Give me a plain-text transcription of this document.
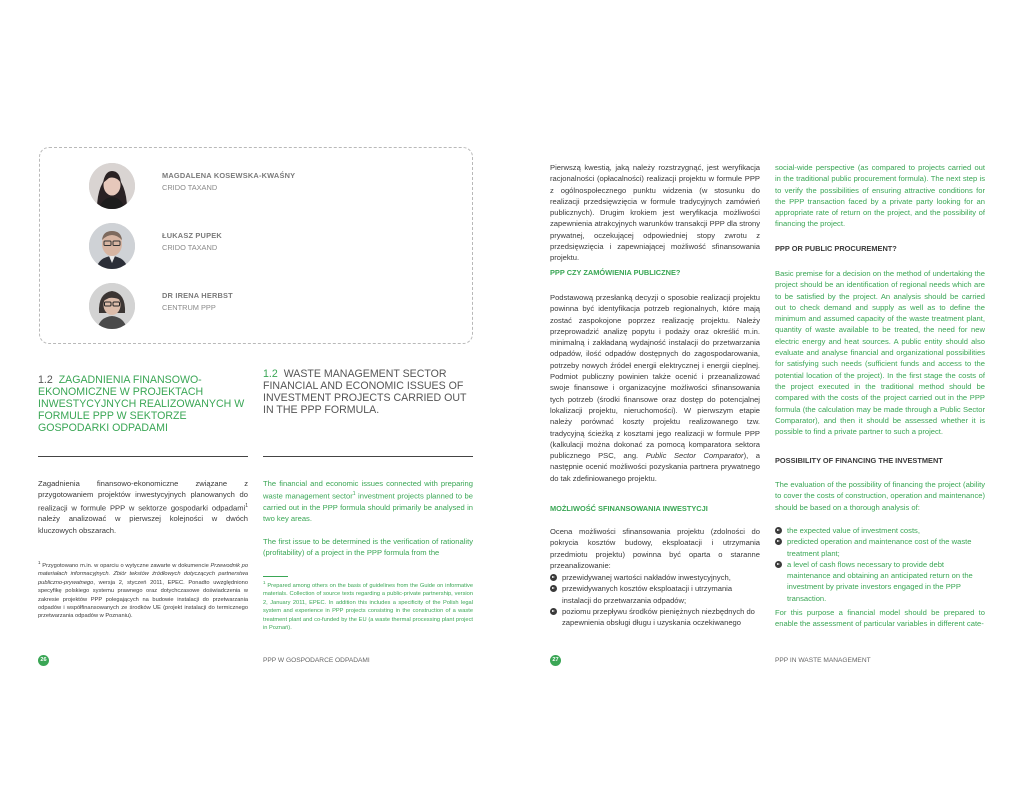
MAGDALENA KOSEWSKA-KWAŚNY
CRIDO TAXAND
ŁUKASZ PUPEK
CRIDO TAXAND
DR IRENA HERBST
CENTRUM PPP
1.2 ZAGADNIENIA FINANSOWO-EKONOMICZNE W PROJEKTACH INWESTYCYJNYCH REALIZOWANYCH W FORMULE PPP W SEKTORZE GOSPODARKI ODPADAMI
1.2 WASTE MANAGEMENT SECTOR FINANCIAL AND ECONOMIC ISSUES OF INVESTMENT PROJECTS CARRIED OUT IN THE PPP FORMULA.
Zagadnienia finansowo-ekonomiczne związane z przygotowaniem projektów inwestycyjnych planowanych do realizacji w formule PPP w sektorze gospodarki odpadami$^1$ należy analizować w pierwszej kolejności w dwóch kluczowych obszarach.
$^1$ Przygotowano m.in. w oparciu o wytyczne zawarte w dokumencie Przewodnik po materiałach informacyjnych. Zbiór tekstów źródłowych dotyczących partnerstwa publiczno-prywatnego, wersja 2, styczeń 2011, EPEC. Ponadto uwzględniono specyfikę polskiego systemu prawnego oraz dotychczasowe doświadczenia w zakresie projektów PPP polegających na budowie instalacji do przetwarzania odpadów i współfinansowanych ze środków UE (projekt instalacji do termicznego przetwarzania odpadów w Poznaniu).
The financial and economic issues connected with preparing waste management sector$^1$ investment projects planned to be carried out in the PPP formula should primarily be analysed in two key areas.
The first issue to be determined is the verification of rationality (profitability) of a project in the PPP formula from the
$^1$ Prepared among others on the basis of guidelines from the Guide on informative materials. Collection of source texts regarding a public-private partnership, version 2, January 2011, EPEC. In addition this includes a specificity of the Polish legal system and experience in PPP projects consisting in the construction of a waste treatment plant and co-funded by the EU (a waste thermal processing plant project in Poznań).
Pierwszą kwestią, jaką należy rozstrzygnąć, jest weryfikacja racjonalności (opłacalności) realizacji projektu w formule PPP z ogólnospołecznego punktu widzenia (w stosunku do realizacji przedsięwzięcia w formule tradycyjnych zamówień publicznych). Drugim krokiem jest weryfikacja możliwości zapewnienia atrakcyjnych warunków transakcji PPP dla strony prywatnej, oczekującej odpowiedniej stopy zwrotu z przedsięwzięcia i zapewniającej możliwość sfinansowania projektu.
PPP CZY ZAMÓWIENIA PUBLICZNE?
Podstawową przesłanką decyzji o sposobie realizacji projektu powinna być identyfikacja potrzeb regionalnych, które mają zostać zaspokojone poprzez realizację projektu. Należy przeprowadzić analizę popytu i podaży oraz określić m.in. minimalną i zakładaną wydajność instalacji do przetwarzania odpadów, ilość odpadów dostępnych do zagospodarowania, potrzeby nowych źródeł energii elektrycznej i energii cieplnej. Podmiot publiczny powinien także ocenić i przeanalizować swoje finansowe i organizacyjne możliwości sfinansowania tych potrzeb (środki finansowe oraz dostęp do potencjalnej lokalizacji projektu, nieruchomości). W pierwszym etapie należy porównać koszty projektu realizowanego tzw. tradycyjną ścieżką z kosztami jego realizacji w formule PPP (kalkulacji można dokonać za pomocą komparatora sektora publicznego PSC, ang. Public Sector Comparator), a następnie ocenić możliwości pozyskania partnera prywatnego do tak zdefiniowanego projektu.
MOŻLIWOŚĆ SFINANSOWANIA INWESTYCJI
Ocena możliwości sfinansowania projektu (zdolności do pokrycia kosztów budowy, eksploatacji i utrzymania przedmiotu projektu) powinna być oparta o staranne przeanalizowanie:
przewidywanej wartości nakładów inwestycyjnych,
przewidywanych kosztów eksploatacji i utrzymania instalacji do przetwarzania odpadów;
poziomu przepływu środków pieniężnych niezbędnych do zapewnienia obsługi długu i uzyskania oczekiwanego
social-wide perspective (as compared to projects carried out in the traditional public procurement formula). The next step is to verify the possibilities of ensuring attractive conditions for the PPP transaction faced by a private party looking for an appropriate rate of return on the project, and the possibility of financing the project.
PPP OR PUBLIC PROCUREMENT?
Basic premise for a decision on the method of undertaking the project should be an identification of regional needs which are to be satisfied by the project. An analysis should be carried out to check demand and supply as well as to define the minimum and assumed capacity of the waste treatment plant, quantity of waste available to be treated, the need for new electric energy and heat sources. A public entity should also evaluate and analyse financial and organizational possibilities for satisfying such needs (sufficient funds and access to the potential location of the project). In the first stage the costs of the project executed in the traditional method should be compared with the costs of the project carried out in the PPP formula (the calculation may be made through a Public Sector Comparator), and then it should be assessed whether it is possible to find a private partner to such a project.
POSSIBILITY OF FINANCING THE INVESTMENT
The evaluation of the possibility of financing the project (ability to cover the costs of construction, operation and maintenance) should be based on a thorough analysis of:
the expected value of investment costs,
predicted operation and maintenance cost of the waste treatment plant;
a level of cash flows necessary to provide debt maintenance and obtaining an anticipated return on the investment by private investors engaged in the PPP transaction.
For this purpose a financial model should be prepared to enable the assessment of particular variables in different cate-
26	PPP W GOSPODARCE ODPADAMI	27	PPP IN WASTE MANAGEMENT
